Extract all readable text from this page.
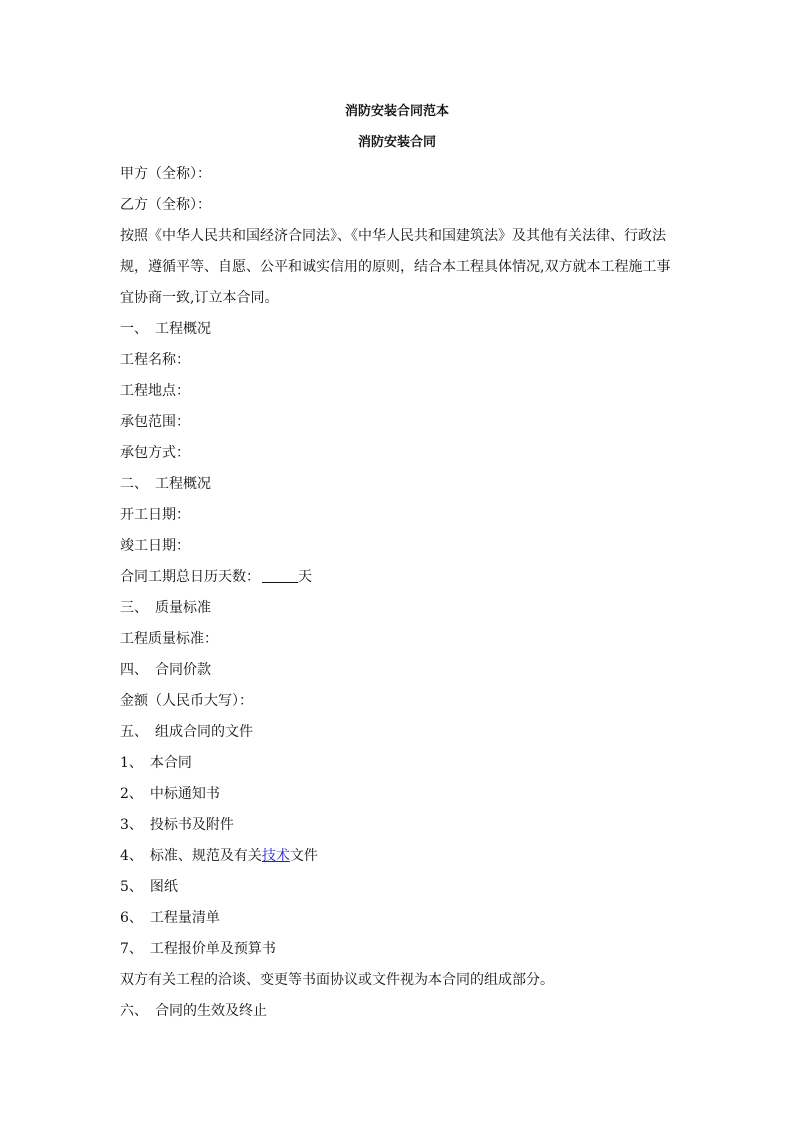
消防安装合同范本
消防安装合同
甲方（全称）：
乙方（全称）：
按照《中华人民共和国经济合同法》、《中华人民共和国建筑法》及其他有关法律、行政法
规，遵循平等、自愿、公平和诚实信用的原则，结合本工程具体情况,双方就本工程施工事
宜协商一致,订立本合同。
一、　工程概况
工程名称：
工程地点：
承包范围：
承包方式：
二、　工程概况
开工日期：
竣工日期：
合同工期总日历天数：	天
三、　质量标准
工程质量标准：
四、　合同价款
金额（人民币大写）：
五、　组成合同的文件
1、　本合同
2、　中标通知书
3、　投标书及附件
4、　标准、规范及有关技术文件
5、　图纸
6、　工程量清单
7、　工程报价单及预算书
双方有关工程的洽谈、变更等书面协议或文件视为本合同的组成部分。
六、　合同的生效及终止
